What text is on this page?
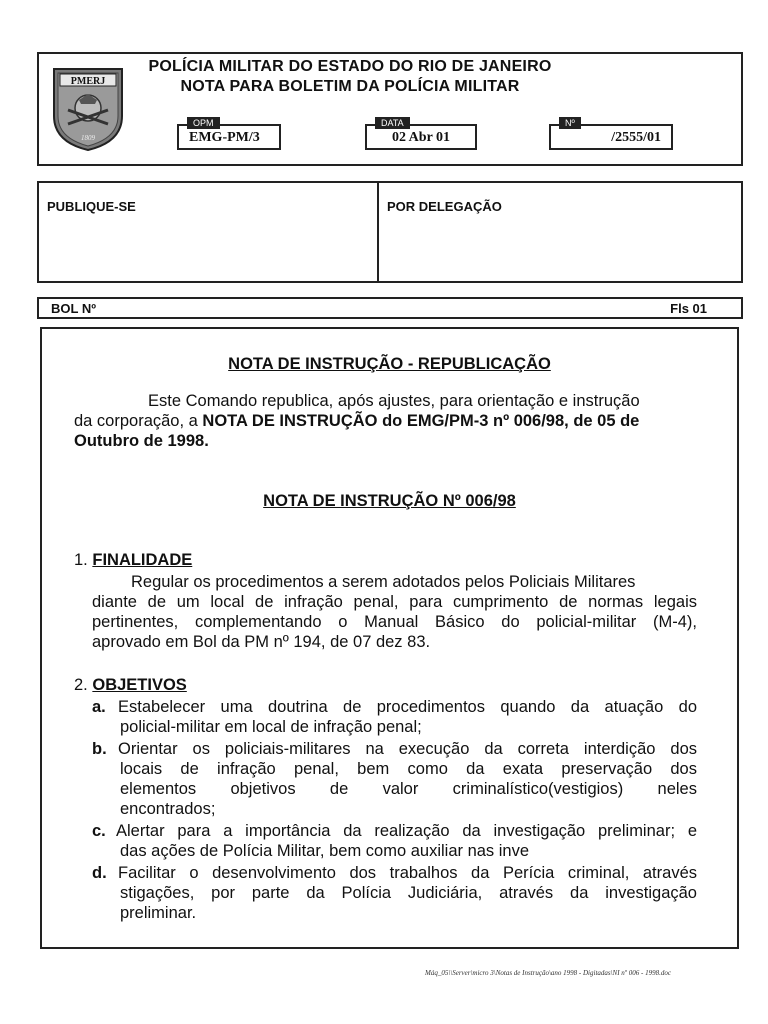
PMERJ
1809
POLÍCIA MILITAR DO ESTADO DO RIO DE JANEIRO
NOTA PARA BOLETIM DA POLÍCIA MILITAR
OPM
EMG-PM/3
DATA
02 Abr 01
Nº
/2555/01
PUBLIQUE-SE	POR DELEGAÇÃO
BOL Nº	Fls 01
NOTA DE INSTRUÇÃO - REPUBLICAÇÃO
Este Comando republica, após ajustes, para orientação e instrução
da corporação, a NOTA DE INSTRUÇÃO do EMG/PM-3 nº 006/98, de 05 de
Outubro de 1998.
NOTA DE INSTRUÇÃO Nº 006/98
1. FINALIDADE
Regular os procedimentos a serem adotados pelos Policiais Militares
diante de um local de infração penal, para cumprimento de normas legais
pertinentes, complementando o Manual Básico do policial-militar (M-4),
aprovado em Bol da PM nº 194, de 07 dez 83.
2. OBJETIVOS
a. Estabelecer uma doutrina de procedimentos quando da atuação do
policial-militar em local de infração penal;
b. Orientar os policiais-militares na execução da correta interdição dos
locais de infração penal, bem como da exata preservação dos
elementos objetivos de valor criminalístico(vestigios) neles
encontrados;
c. Alertar para a importância da realização da investigação preliminar; e
das ações de Polícia Militar, bem como auxiliar nas inve
d. Facilitar o desenvolvimento dos trabalhos da Perícia criminal, através
stigações, por parte da Polícia Judiciária, através da investigação
preliminar.
Máq_05\\Server\micro 3\Notas de Instrução\ano 1998 - Digitadas\NI nº 006 - 1998.doc
